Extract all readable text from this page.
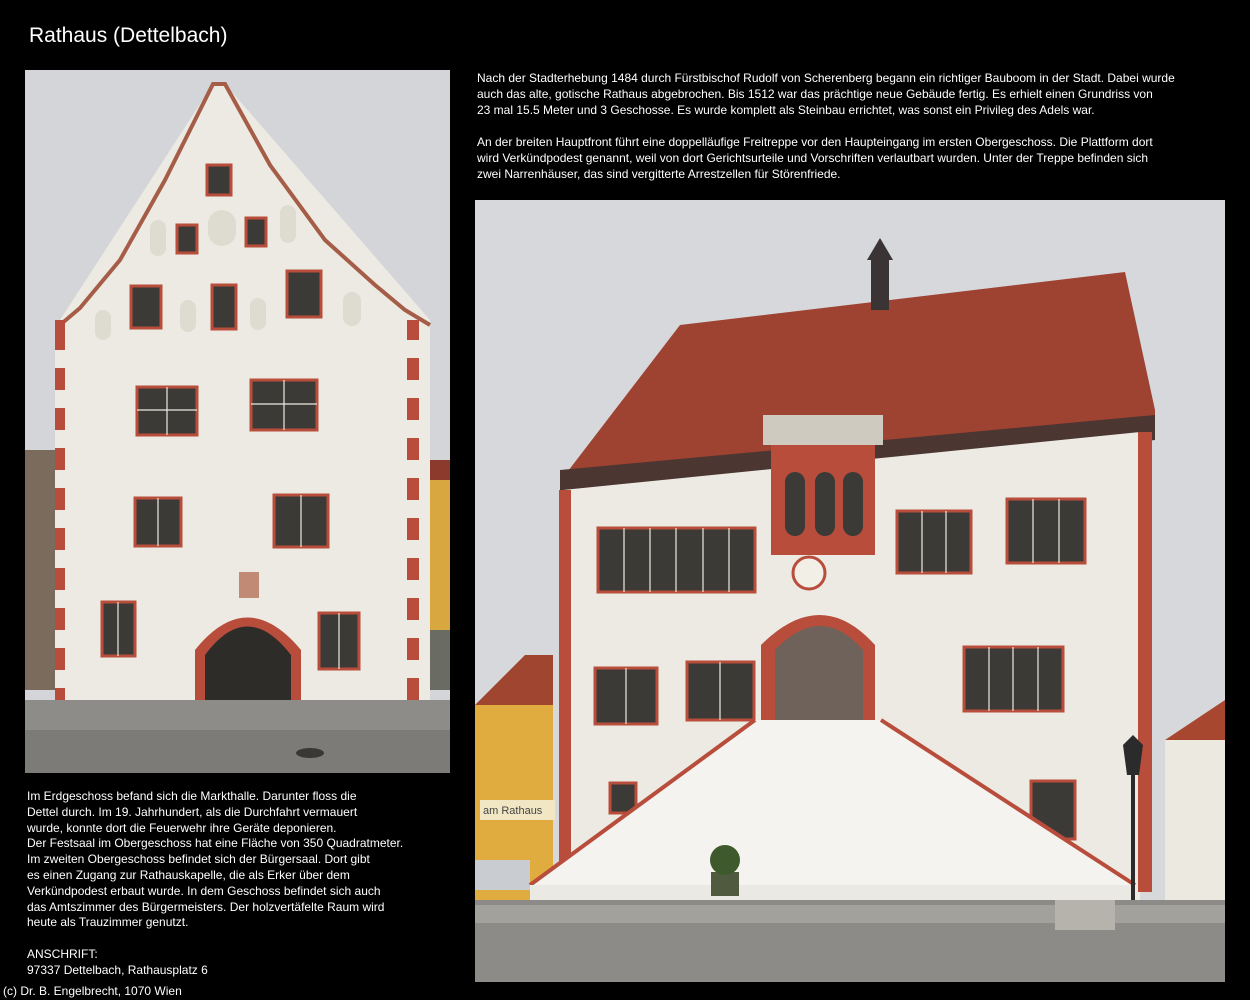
Rathaus (Dettelbach)
am Rathaus

Nach der Stadterhebung 1484 durch Fürstbischof Rudolf von Scherenberg begann ein richtiger Bauboom in der Stadt. Dabei wurde
auch das alte, gotische Rathaus abgebrochen. Bis 1512 war das prächtige neue Gebäude fertig. Es erhielt einen Grundriss von
23 mal 15.5 Meter und 3 Geschosse. Es wurde komplett als Steinbau errichtet, was sonst ein Privileg des Adels war.

An der breiten Hauptfront führt eine doppelläufige Freitreppe vor den Haupteingang im ersten Obergeschoss. Die Plattform dort
wird Verkündpodest genannt, weil von dort Gerichtsurteile und Vorschriften verlautbart wurden. Unter der Treppe befinden sich
zwei Narrenhäuser, das sind vergitterte Arrestzellen für Störenfriede.

Im Erdgeschoss befand sich die Markthalle. Darunter floss die
Dettel durch. Im 19. Jahrhundert, als die Durchfahrt vermauert
wurde, konnte dort die Feuerwehr ihre Geräte deponieren.
Der Festsaal im Obergeschoss hat eine Fläche von 350 Quadratmeter.
Im zweiten Obergeschoss befindet sich der Bürgersaal. Dort gibt
es einen Zugang zur Rathauskapelle, die als Erker über dem
Verkündpodest erbaut wurde. In dem Geschoss befindet sich auch
das Amtszimmer des Bürgermeisters. Der holzvertäfelte Raum wird
heute als Trauzimmer genutzt.
ANSCHRIFT:
97337 Dettelbach, Rathausplatz 6
(c) Dr. B. Engelbrecht, 1070 Wien
